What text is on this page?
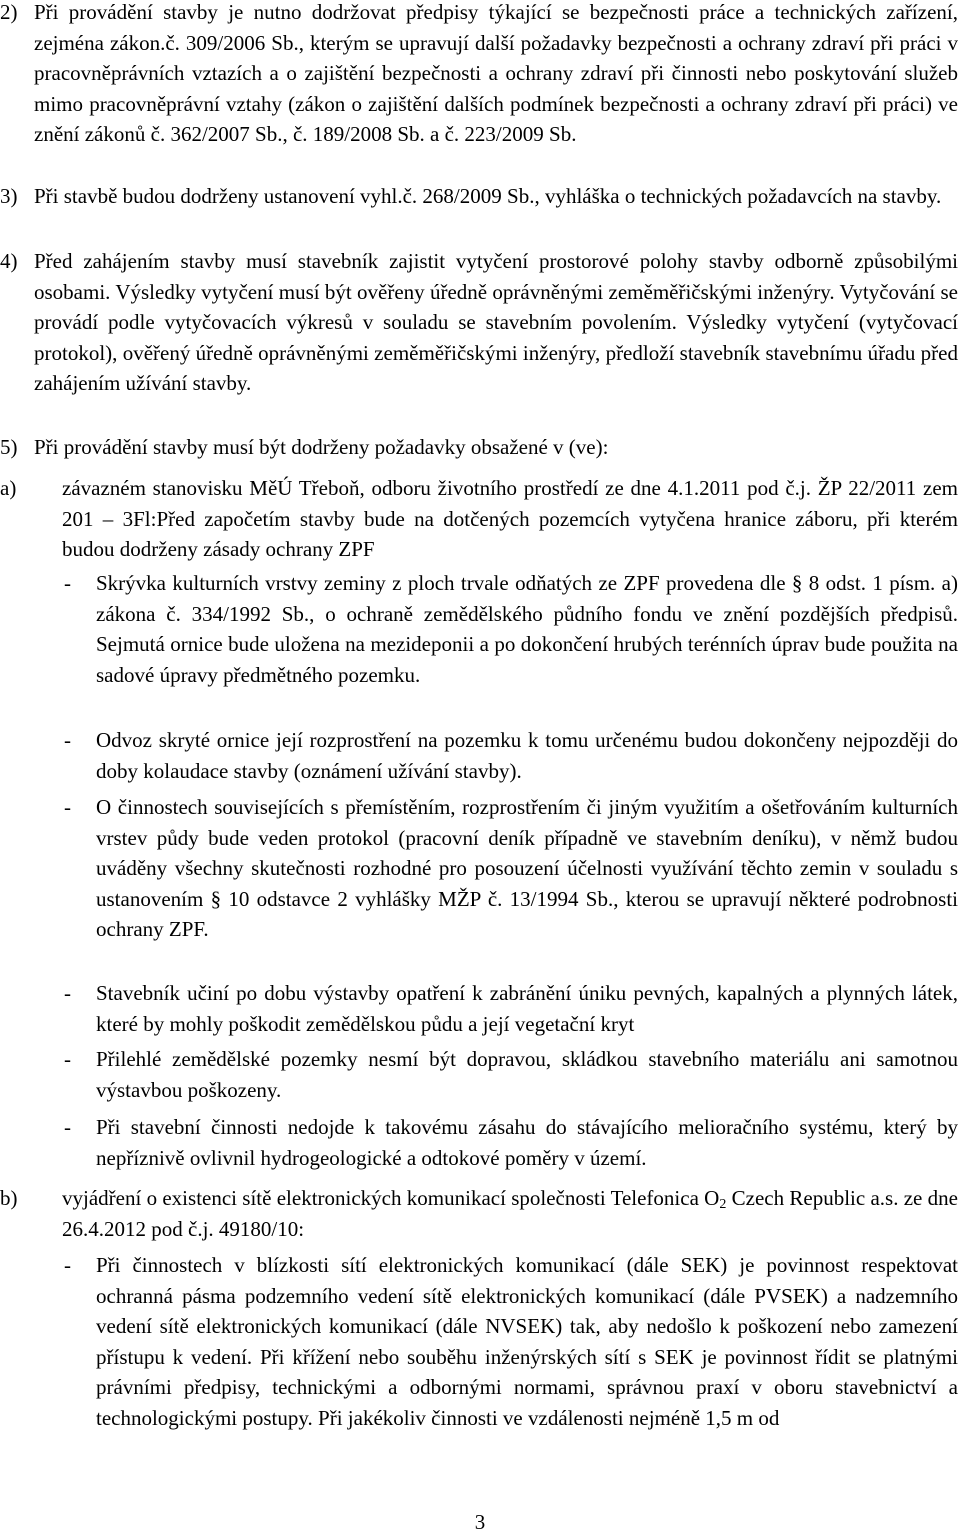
2) Při provádění stavby je nutno dodržovat předpisy týkající se bezpečnosti práce a technických zařízení, zejména zákon.č. 309/2006 Sb., kterým se upravují další požadavky bezpečnosti a ochrany zdraví při práci v pracovněprávních vztazích a o zajištění bezpečnosti a ochrany zdraví při činnosti nebo poskytování služeb mimo pracovněprávní vztahy (zákon o zajištění dalších podmínek bezpečnosti a ochrany zdraví při práci) ve znění zákonů č. 362/2007 Sb., č. 189/2008 Sb. a č. 223/2009 Sb.
3) Při stavbě budou dodrženy ustanovení vyhl.č. 268/2009 Sb., vyhláška o technických požadavcích na stavby.
4) Před zahájením stavby musí stavebník zajistit vytyčení prostorové polohy stavby odborně způsobilými osobami. Výsledky vytyčení musí být ověřeny úředně oprávněnými zeměměřičskými inženýry. Vytyčování se provádí podle vytyčovacích výkresů v souladu se stavebním povolením. Výsledky vytyčení (vytyčovací protokol), ověřený úředně oprávněnými zeměměřičskými inženýry, předloží stavebník stavebnímu úřadu před zahájením užívání stavby.
5) Při provádění stavby musí být dodrženy požadavky obsažené v (ve):
a)	závazném stanovisku MěÚ Třeboň, odboru životního prostředí ze dne 4.1.2011 pod č.j. ŽP 22/2011 zem 201 – 3Fl:Před započetím stavby bude na dotčených pozemcích vytyčena hranice záboru, při kterém budou dodrženy zásady ochrany ZPF
-	Skrývka kulturních vrstvy zeminy z ploch trvale odňatých ze ZPF provedena dle § 8 odst. 1 písm. a) zákona č. 334/1992 Sb., o ochraně zemědělského půdního fondu ve znění pozdějších předpisů. Sejmutá ornice bude uložena na mezideponii a po dokončení hrubých terénních úprav bude použita na sadové úpravy předmětného pozemku.
-	Odvoz skryté ornice její rozprostření na pozemku k tomu určenému budou dokončeny nejpozději do doby kolaudace stavby (oznámení užívání stavby).
-	O činnostech souvisejících s přemístěním, rozprostřením či jiným využitím a ošetřováním kulturních vrstev půdy bude veden protokol (pracovní deník případně ve stavebním deníku), v němž budou uváděny všechny skutečnosti rozhodné pro posouzení účelnosti využívání těchto zemin v souladu s ustanovením § 10 odstavce 2 vyhlášky MŽP č. 13/1994 Sb., kterou se upravují některé podrobnosti ochrany ZPF.
-	Stavebník učiní po dobu výstavby opatření k zabránění úniku pevných, kapalných a plynných látek, které by mohly poškodit zemědělskou půdu a její vegetační kryt
-	Přilehlé zemědělské pozemky nesmí být dopravou, skládkou stavebního materiálu ani samotnou výstavbou poškozeny.
-	Při stavební činnosti nedojde k takovému zásahu do stávajícího melioračního systému, který by nepříznivě ovlivnil hydrogeologické a odtokové poměry v území.
b)	vyjádření o existenci sítě elektronických komunikací společnosti Telefonica $O_2$ Czech Republic a.s. ze dne 26.4.2012 pod č.j. 49180/10:
-	Při činnostech v blízkosti sítí elektronických komunikací (dále SEK) je povinnost respektovat ochranná pásma podzemního vedení sítě elektronických komunikací (dále PVSEK) a nadzemního vedení sítě elektronických komunikací (dále NVSEK) tak, aby nedošlo k poškození nebo zamezení přístupu k vedení. Při křížení nebo souběhu inženýrských sítí s SEK je povinnost řídit se platnými právními předpisy, technickými a odbornými normami, správnou praxí v oboru stavebnictví a technologickými postupy. Při jakékoliv činnosti ve vzdálenosti nejméně 1,5 m od
3
